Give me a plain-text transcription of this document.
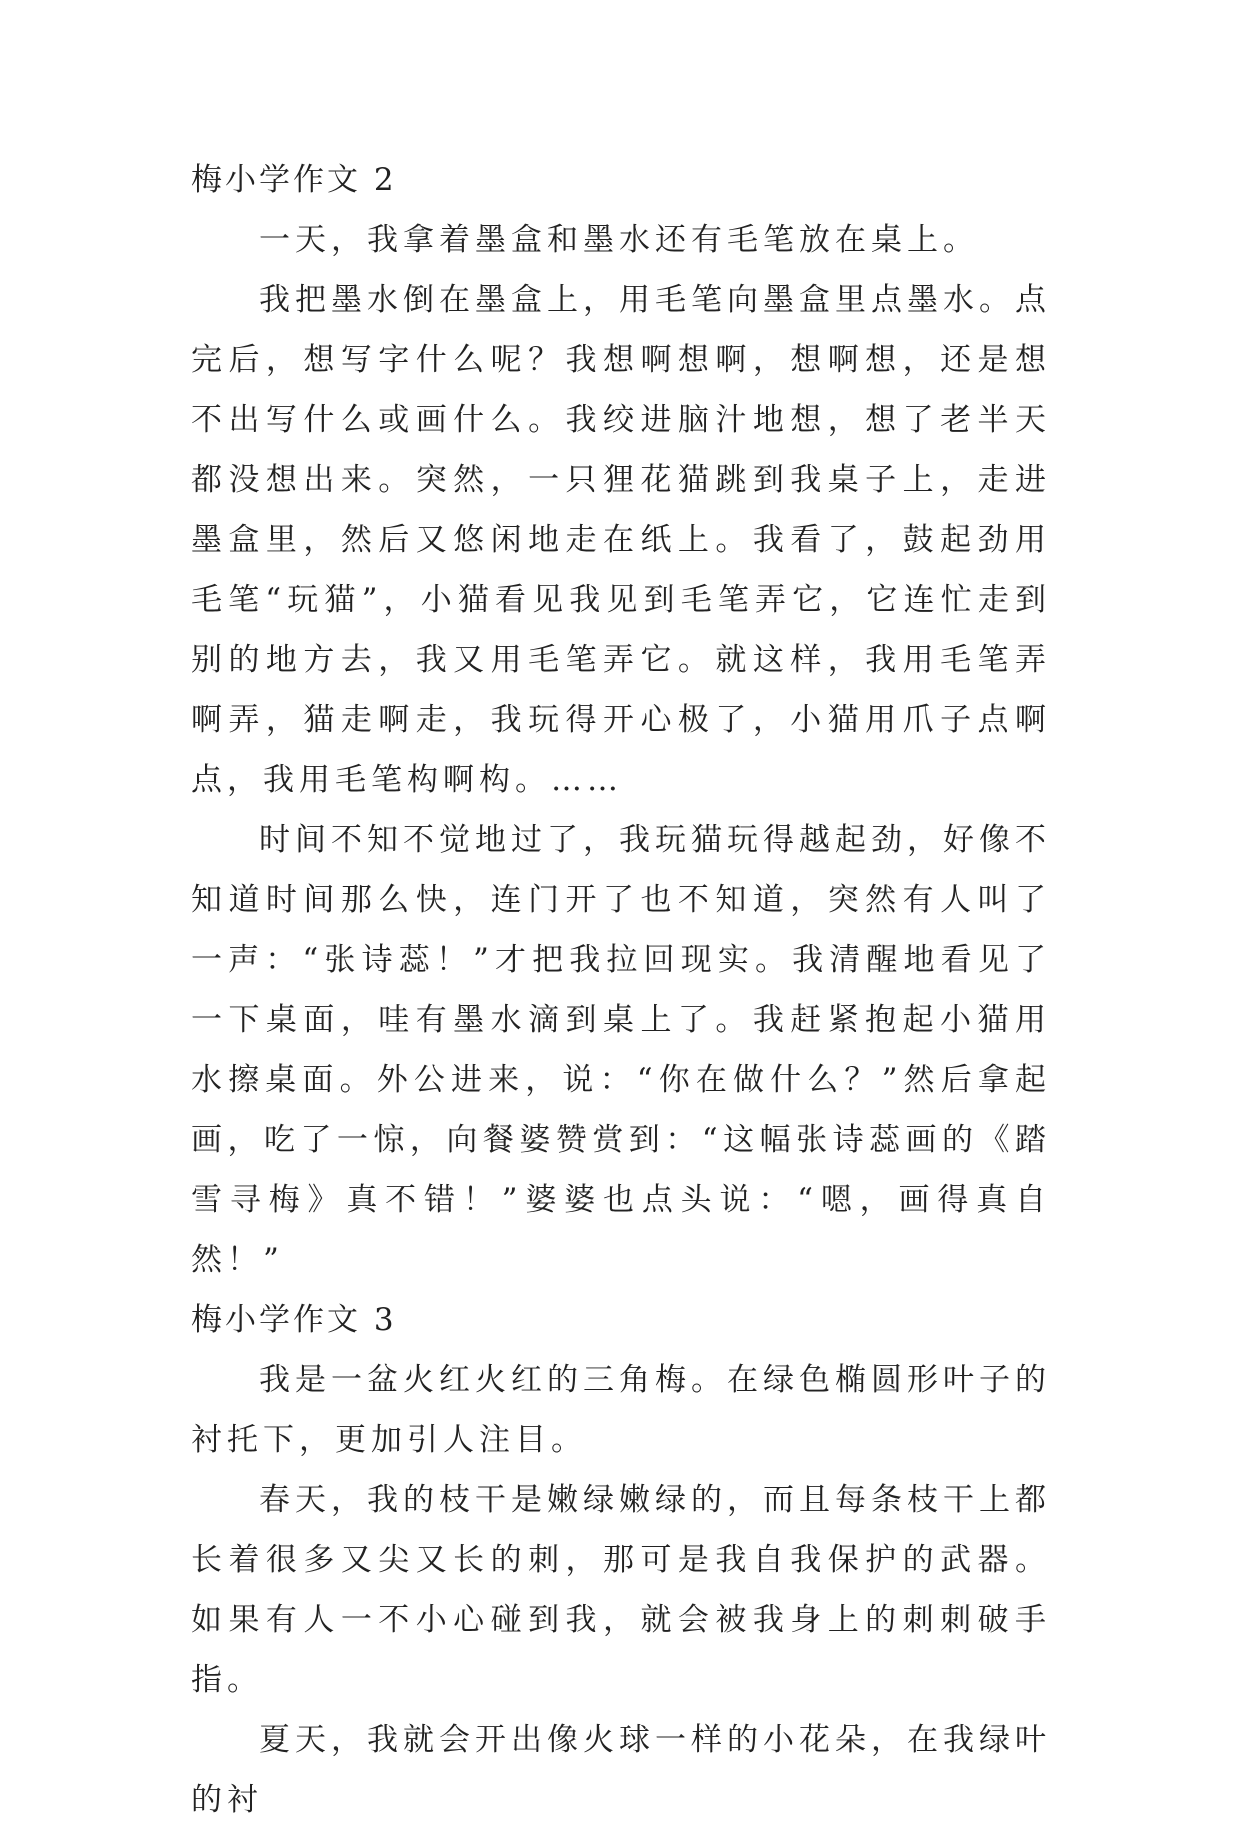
梅小学作文 2

一天，我拿着墨盒和墨水还有毛笔放在桌上。

我把墨水倒在墨盒上，用毛笔向墨盒里点墨水。点完后，想写字什么呢？我想啊想啊，想啊想，还是想不出写什么或画什么。我绞进脑汁地想，想了老半天都没想出来。突然，一只狸花猫跳到我桌子上，走进墨盒里，然后又悠闲地走在纸上。我看了，鼓起劲用毛笔“玩猫”，小猫看见我见到毛笔弄它，它连忙走到别的地方去，我又用毛笔弄它。就这样，我用毛笔弄啊弄，猫走啊走，我玩得开心极了，小猫用爪子点啊点，我用毛笔构啊构。……

时间不知不觉地过了，我玩猫玩得越起劲，好像不知道时间那么快，连门开了也不知道，突然有人叫了一声：“张诗蕊！”才把我拉回现实。我清醒地看见了一下桌面，哇有墨水滴到桌上了。我赶紧抱起小猫用水擦桌面。外公进来，说：“你在做什么？”然后拿起画，吃了一惊，向餐婆赞赏到：“这幅张诗蕊画的《踏雪寻梅》真不错！”婆婆也点头说：“嗯，画得真自然！”

梅小学作文 3

我是一盆火红火红的三角梅。在绿色椭圆形叶子的衬托下，更加引人注目。

春天，我的枝干是嫩绿嫩绿的，而且每条枝干上都长着很多又尖又长的刺，那可是我自我保护的武器。如果有人一不小心碰到我，就会被我身上的刺刺破手指。

夏天，我就会开出像火球一样的小花朵，在我绿叶的衬
